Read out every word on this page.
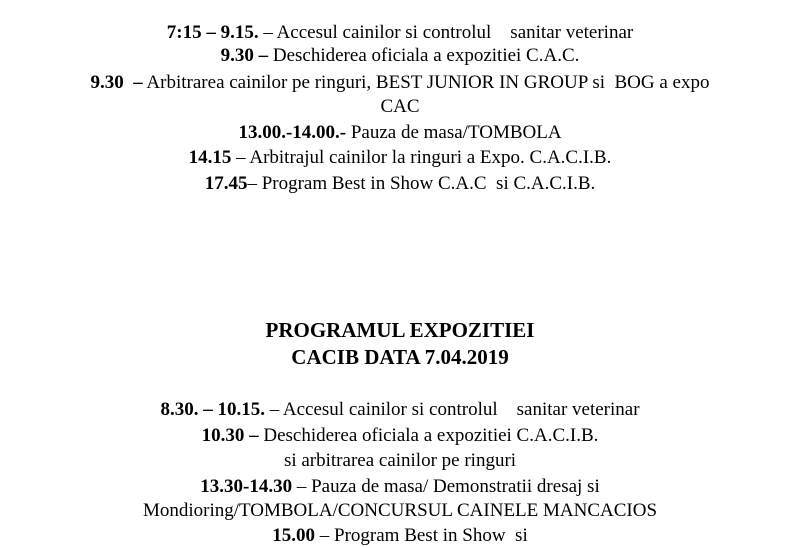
7:15 – 9.15. – Accesul cainilor si controlul    sanitar veterinar
9.30 – Deschiderea oficiala a expozitiei C.A.C.
9.30  – Arbitrarea cainilor pe ringuri, BEST JUNIOR IN GROUP si  BOG a expo
CAC
13.00.-14.00.- Pauza de masa/TOMBOLA
14.15 – Arbitrajul cainilor la ringuri a Expo. C.A.C.I.B.
17.45– Program Best in Show C.A.C  si C.A.C.I.B.
PROGRAMUL EXPOZITIEI
CACIB DATA 7.04.2019
8.30. – 10.15. – Accesul cainilor si controlul    sanitar veterinar
10.30 – Deschiderea oficiala a expozitiei C.A.C.I.B.
si arbitrarea cainilor pe ringuri
13.30-14.30 – Pauza de masa/ Demonstratii dresaj si
Mondioring/TOMBOLA/CONCURSUL CAINELE MANCACIOS
15.00 – Program Best in Show  si
